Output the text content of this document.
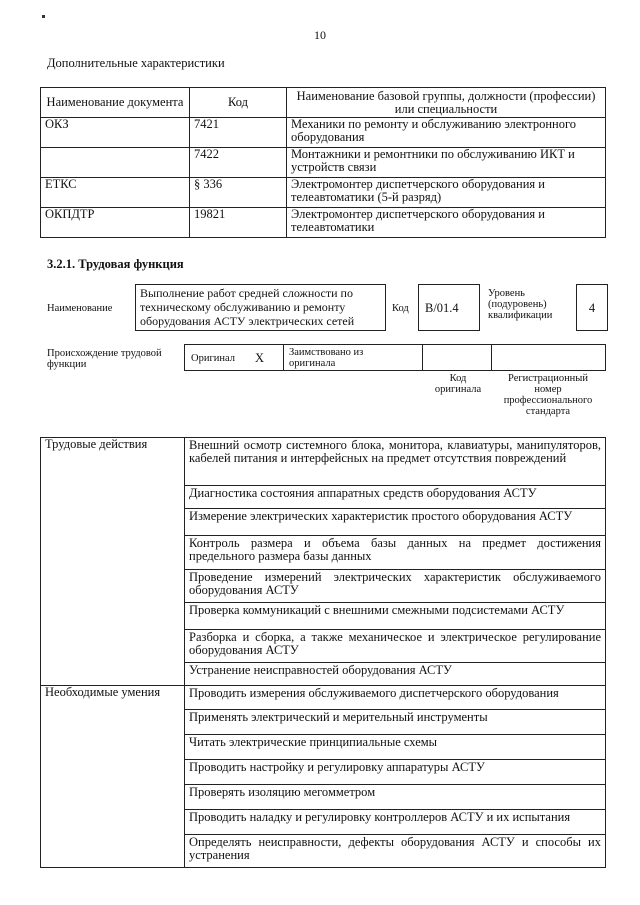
10
Дополнительные характеристики
Наименование документа	Код	Наименование базовой группы, должности (профессии) или специальности
ОКЗ	7421	Механики по ремонту и обслуживанию электронного оборудования
	7422	Монтажники и ремонтники по обслуживанию ИКТ и устройств связи
ЕТКС	§ 336	Электромонтер диспетчерского оборудования и телеавтоматики (5-й разряд)
ОКПДТР	19821	Электромонтер диспетчерского оборудования и телеавтоматики
3.2.1. Трудовая функция
Наименование
Выполнение работ средней сложности по техническому обслуживанию и ремонту оборудования АСТУ электрических сетей
Код	В/01.4
Уровень (подуровень) квалификации
4
Происхождение трудовой функции
Оригинал X Заимствовано из оригинала
Код оригинала
Регистрационный номер профессионального стандарта
Трудовые действия	Внешний осмотр системного блока, монитора, клавиатуры, манипуляторов, кабелей питания и интерфейсных на предмет отсутствия повреждений
	Диагностика состояния аппаратных средств оборудования АСТУ
	Измерение электрических характеристик простого оборудования АСТУ
	Контроль размера и объема базы данных на предмет достижения предельного размера базы данных
	Проведение измерений электрических характеристик обслуживаемого оборудования АСТУ
	Проверка коммуникаций с внешними смежными подсистемами АСТУ
	Разборка и сборка, а также механическое и электрическое регулирование оборудования АСТУ
	Устранение неисправностей оборудования АСТУ
Необходимые умения	Проводить измерения обслуживаемого диспетчерского оборудования
	Применять электрический и мерительный инструменты
	Читать электрические принципиальные схемы
	Проводить настройку и регулировку аппаратуры АСТУ
	Проверять изоляцию мегомметром
	Проводить наладку и регулировку контроллеров АСТУ и их испытания
	Определять неисправности, дефекты оборудования АСТУ и способы их устранения
